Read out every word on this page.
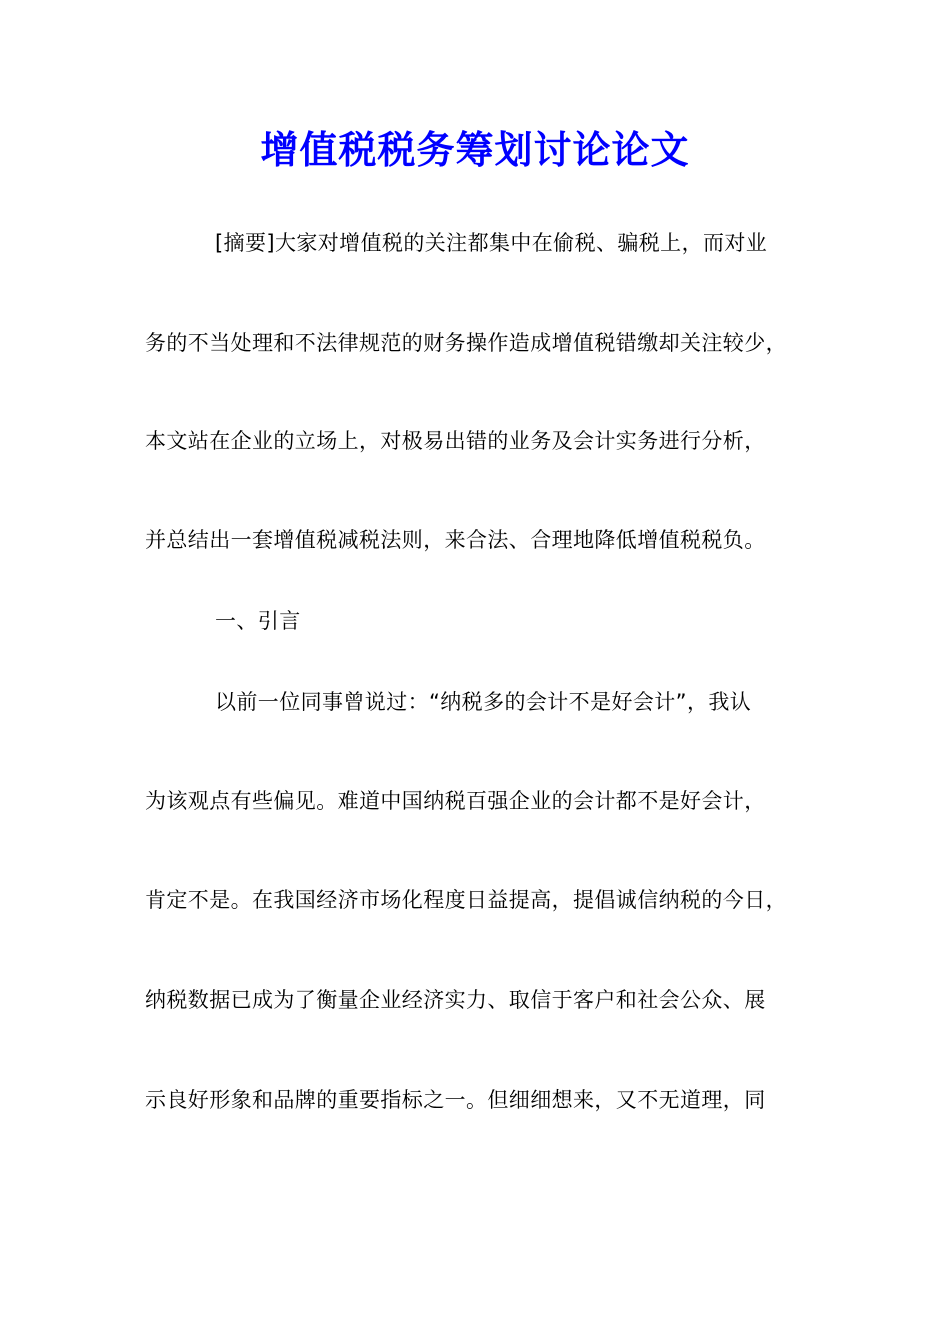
增值税税务筹划讨论论文
[摘要]大家对增值税的关注都集中在偷税、骗税上，而对业
务的不当处理和不法律规范的财务操作造成增值税错缴却关注较少，
本文站在企业的立场上，对极易出错的业务及会计实务进行分析，
并总结出一套增值税减税法则，来合法、合理地降低增值税税负。
一、引言
以前一位同事曾说过：“纳税多的会计不是好会计”，我认
为该观点有些偏见。难道中国纳税百强企业的会计都不是好会计，
肯定不是。在我国经济市场化程度日益提高，提倡诚信纳税的今日，
纳税数据已成为了衡量企业经济实力、取信于客户和社会公众、展
示良好形象和品牌的重要指标之一。但细细想来，又不无道理，同
